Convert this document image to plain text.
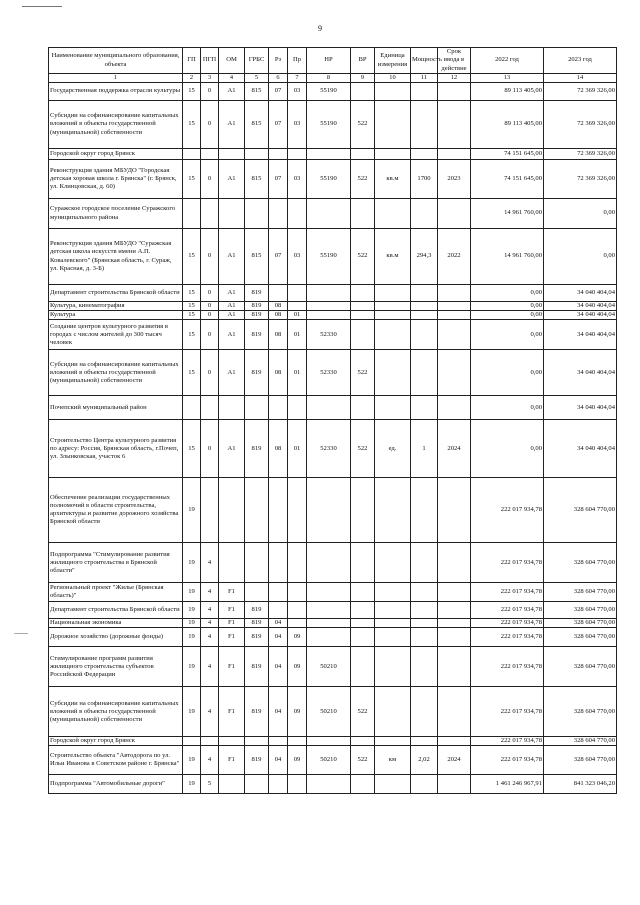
9
Наименование муниципального образования, объекта	ГП	ПГП	ОМ	ГРБС	Рз	Пр	НР	ВР	Единица измерения	Мощность	Срок ввода в действие	2022 год	2023 год
1	2	3	4	5	6	7	8	9	10	11	12	13	14
Государственная поддержка отрасли культуры	15	0	А1	815	07	03	55190					89 113 405,00	72 369 326,00
Субсидии на софинансирование капитальных вложений в объекты государственной (муниципальной) собственности	15	0	А1	815	07	03	55190	522				89 113 405,00	72 369 326,00
Городской округ город Брянск												74 151 645,00	72 369 326,00
Реконструкция здания МБУДО "Городская детская хоровая школа г. Брянска" (г. Брянск, ул. Клинцовская, д. 60)	15	0	А1	815	07	03	55190	522	кв.м	1700	2023	74 151 645,00	72 369 326,00
Суражское городское поселение Суражского муниципального района												14 961 760,00	0,00
Реконструкция здания МБУДО "Суражская детская школа искусств имени А.П. Ковалевского" (Брянская область, г. Сураж, ул. Красная, д. 3-Б)	15	0	А1	815	07	03	55190	522	кв.м	294,3	2022	14 961 760,00	0,00
Департамент строительства Брянской области	15	0	А1	819								0,00	34 040 404,04
Культура, кинематография	15	0	А1	819	08							0,00	34 040 404,04
Культура	15	0	А1	819	08	01						0,00	34 040 404,04
Создание центров культурного развития в городах с числом жителей до 300 тысяч человек	15	0	А1	819	08	01	52330					0,00	34 040 404,04
Субсидии на софинансирование капитальных вложений в объекты государственной (муниципальной) собственности	15	0	А1	819	08	01	52330	522				0,00	34 040 404,04
Почепский муниципальный район												0,00	34 040 404,04
Строительство Центра культурного развития по адресу: Россия, Брянская область, г.Почеп, ул. Злынковская, участок 6	15	0	А1	819	08	01	52330	522	ед.	1	2024	0,00	34 040 404,04
Обеспечение реализации государственных полномочий в области строительства, архитектуры и развитие дорожного хозяйства Брянской области	19											222 017 934,78	328 604 770,00
Подпрограмма "Стимулирование развития жилищного строительства в Брянской области"	19	4										222 017 934,78	328 604 770,00
Региональный проект "Жилье (Брянская область)"	19	4	F1									222 017 934,78	328 604 770,00
Департамент строительства Брянской области	19	4	F1	819								222 017 934,78	328 604 770,00
Национальная экономика	19	4	F1	819	04							222 017 934,78	328 604 770,00
Дорожное хозяйство (дорожные фонды)	19	4	F1	819	04	09						222 017 934,78	328 604 770,00
Стимулирование программ развития жилищного строительства субъектов Российской Федерации	19	4	F1	819	04	09	50210					222 017 934,78	328 604 770,00
Субсидии на софинансирование капитальных вложений в объекты государственной (муниципальной) собственности	19	4	F1	819	04	09	50210	522				222 017 934,78	328 604 770,00
Городской округ город Брянск												222 017 934,78	328 604 770,00
Строительство объекта "Автодорога по ул. Ильи Иванова в Советском районе г. Брянска"	19	4	F1	819	04	09	50210	522	км	2,02	2024	222 017 934,78	328 604 770,00
Подпрограмма "Автомобильные дороги"	19	5										1 461 246 967,91	841 323 046,20
